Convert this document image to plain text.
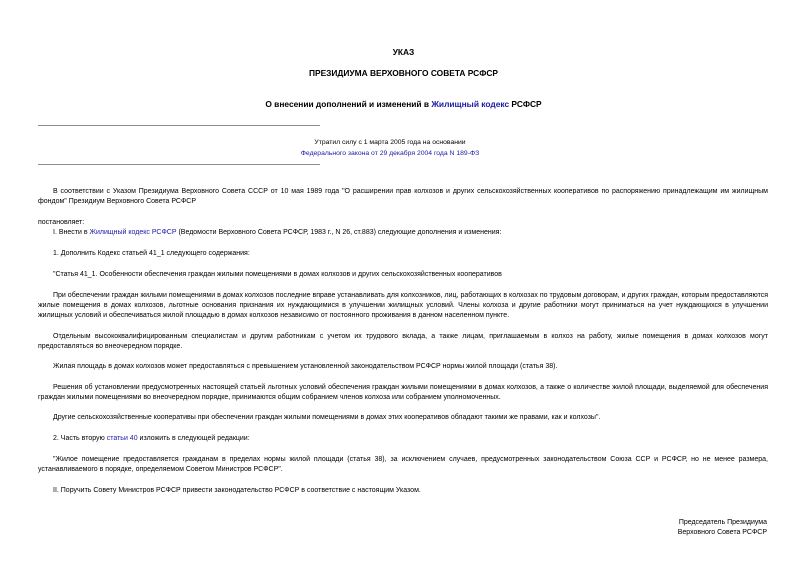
УКАЗ
ПРЕЗИДИУМА ВЕРХОВНОГО СОВЕТА РСФСР
О внесении дополнений и изменений в Жилищный кодекс РСФСР
Утратил силу с 1 марта 2005 года на основании
Федерального закона от 29 декабря 2004 года N 189-ФЗ

В соответствии с Указом Президиума Верховного Совета СССР от 10 мая 1989 года "О расширении прав колхозов и других сельскохозяйственных кооперативов по распоряжению принадлежащим им жилищным фондом" Президиум Верховного Совета РСФСР

постановляет:

I. Внести в Жилищный кодекс РСФСР (Ведомости Верховного Совета РСФСР, 1983 г., N 26, ст.883) следующие дополнения и изменения:

1. Дополнить Кодекс статьей 41_1 следующего содержания:

"Статья 41_1. Особенности обеспечения граждан жилыми помещениями в домах колхозов и других сельскохозяйственных кооперативов

При обеспечении граждан жилыми помещениями в домах колхозов последние вправе устанавливать для колхозников, лиц, работающих в колхозах по трудовым договорам, и других граждан, которым предоставляются жилые помещения в домах колхозов, льготные основания признания их нуждающимися в улучшении жилищных условий. Члены колхоза и другие работники могут приниматься на учет нуждающихся в улучшении жилищных условий и обеспечиваться жилой площадью в домах колхозов независимо от постоянного проживания в данном населенном пункте.

Отдельным высококвалифицированным специалистам и другим работникам с учетом их трудового вклада, а также лицам, приглашаемым в колхоз на работу, жилые помещения в домах колхозов могут предоставляться во внеочередном порядке.

Жилая площадь в домах колхозов может предоставляться с превышением установленной законодательством РСФСР нормы жилой площади (статья 38).

Решения об установлении предусмотренных настоящей статьей льготных условий обеспечения граждан жилыми помещениями в домах колхозов, а также о количестве жилой площади, выделяемой для обеспечения граждан жилыми помещениями во внеочередном порядке, принимаются общим собранием членов колхоза или собранием уполномоченных.

Другие сельскохозяйственные кооперативы при обеспечении граждан жилыми помещениями в домах этих кооперативов обладают такими же правами, как и колхозы".

2. Часть вторую статьи 40 изложить в следующей редакции:

"Жилое помещение предоставляется гражданам в пределах нормы жилой площади (статья 38), за исключением случаев, предусмотренных законодательством Союза ССР и РСФСР, но не менее размера, устанавливаемого в порядке, определяемом Советом Министров РСФСР".

II. Поручить Совету Министров РСФСР привести законодательство РСФСР в соответствие с настоящим Указом.

Председатель Президиума
Верховного Совета РСФСР
